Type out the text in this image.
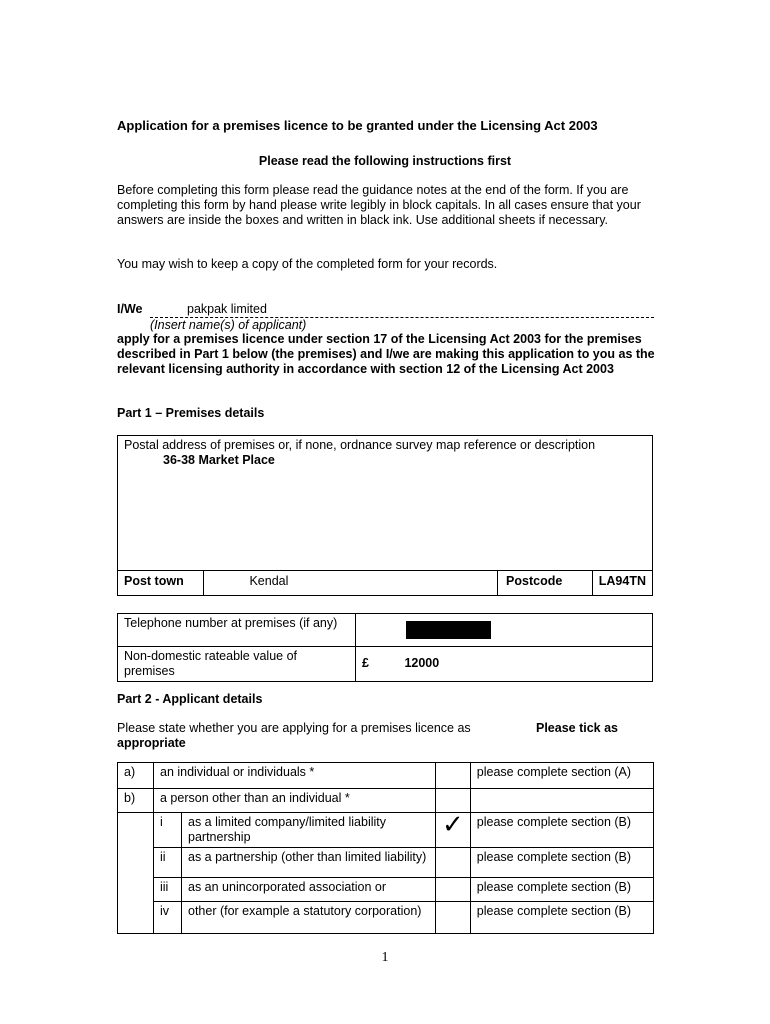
Application for a premises licence to be granted under the Licensing Act 2003
Please read the following instructions first
Before completing this form please read the guidance notes at the end of the form. If you are completing this form by hand please write legibly in block capitals. In all cases ensure that your answers are inside the boxes and written in black ink. Use additional sheets if necessary.
You may wish to keep a copy of the completed form for your records.
I/We	pakpak limited
(Insert name(s) of applicant)
apply for a premises licence under section 17 of the Licensing Act 2003 for the premises described in Part 1 below (the premises) and I/we are making this application to you as the relevant licensing authority in accordance with section 12 of the Licensing Act 2003
Part 1 – Premises details
Postal address of premises or, if none, ordnance survey map reference or description
36-38 Market Place

Post town	Kendal	Postcode	LA94TN
Telephone number at premises (if any)	
Non-domestic rateable value of premises	£ 12000
Part 2 - Applicant details
Please state whether you are applying for a premises licence as	Please tick as
appropriate
a)	an individual or individuals *			please complete section (A)
b)	a person other than an individual *			
	i	as a limited company/limited liability partnership	✓	please complete section (B)
	ii	as a partnership (other than limited liability)		please complete section (B)
	iii	as an unincorporated association or		please complete section (B)
	iv	other (for example a statutory corporation)		please complete section (B)
1
